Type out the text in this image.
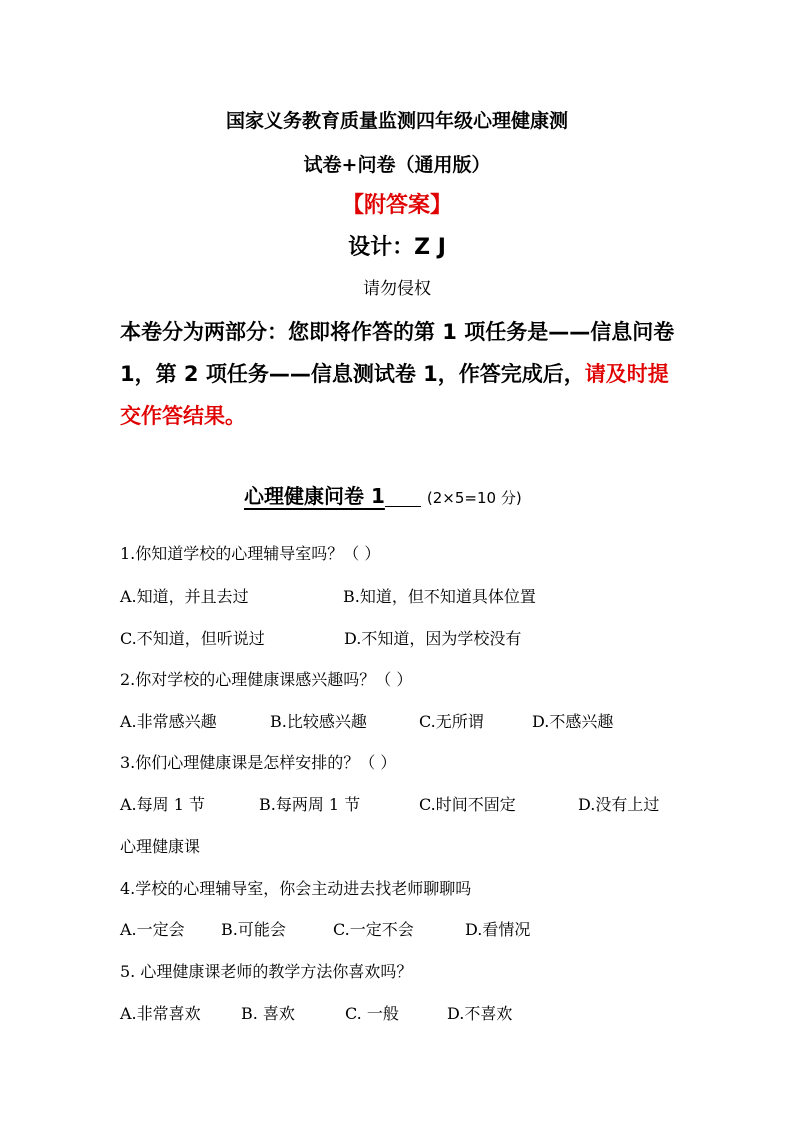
国家义务教育质量监测四年级心理健康测
试卷+问卷（通用版）
【附答案】
设计：Z J
请勿侵权
本卷分为两部分：您即将作答的第 1 项任务是——信息问卷 1，第 2 项任务——信息测试卷 1，作答完成后，请及时提交作答结果。
心理健康问卷 1	(2×5=10 分)
1.你知道学校的心理辅导室吗？（ ）
A.知道，并且去过	B.知道，但不知道具体位置
C.不知道，但听说过	D.不知道，因为学校没有
2.你对学校的心理健康课感兴趣吗？（ ）
A.非常感兴趣	B.比较感兴趣	C.无所谓	D.不感兴趣
3.你们心理健康课是怎样安排的？（ ）
A.每周 1 节	B.每两周 1 节	C.时间不固定	D.没有上过
心理健康课
4.学校的心理辅导室，你会主动进去找老师聊聊吗
A.一定会 B.可能会	C.一定不会	D.看情况
5. 心理健康课老师的教学方法你喜欢吗？
A.非常喜欢	B. 喜欢	C. 一般	D.不喜欢
